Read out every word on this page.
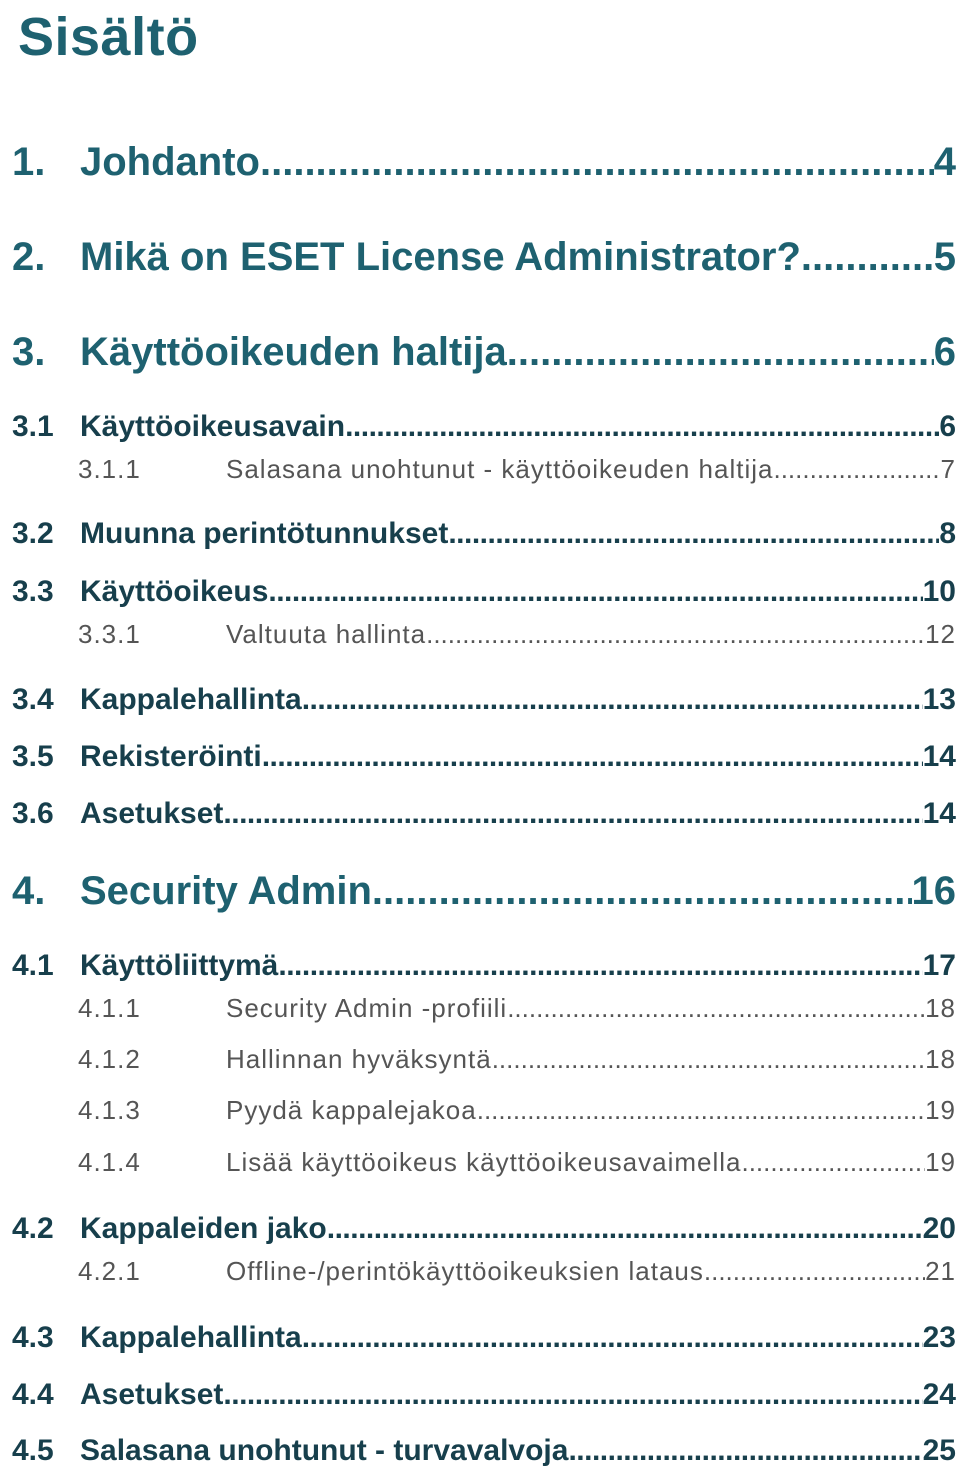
Sisältö
1. Johdanto .....	4
2. Mikä on ESET License Administrator? .....	5
3. Käyttöoikeuden haltija .....	6
3.1 Käyttöoikeusavain .....	6
3.1.1	Salasana unohtunut - käyttöoikeuden haltija .....	7
3.2 Muunna perintötunnukset .....	8
3.3 Käyttöoikeus .....	10
3.3.1	Valtuuta hallinta .....	12
3.4 Kappalehallinta .....	13
3.5 Rekisteröinti .....	14
3.6 Asetukset .....	14
4. Security Admin .....	16
4.1 Käyttöliittymä .....	17
4.1.1	Security Admin -profiili .....	18
4.1.2	Hallinnan hyväksyntä .....	18
4.1.3	Pyydä kappalejakoa .....	19
4.1.4	Lisää käyttöoikeus käyttöoikeusavaimella .....	19
4.2 Kappaleiden jako .....	20
4.2.1	Offline-/perintökäyttöoikeuksien lataus .....	21
4.3 Kappalehallinta .....	23
4.4 Asetukset .....	24
4.5 Salasana unohtunut - turvavalvoja .....	25
